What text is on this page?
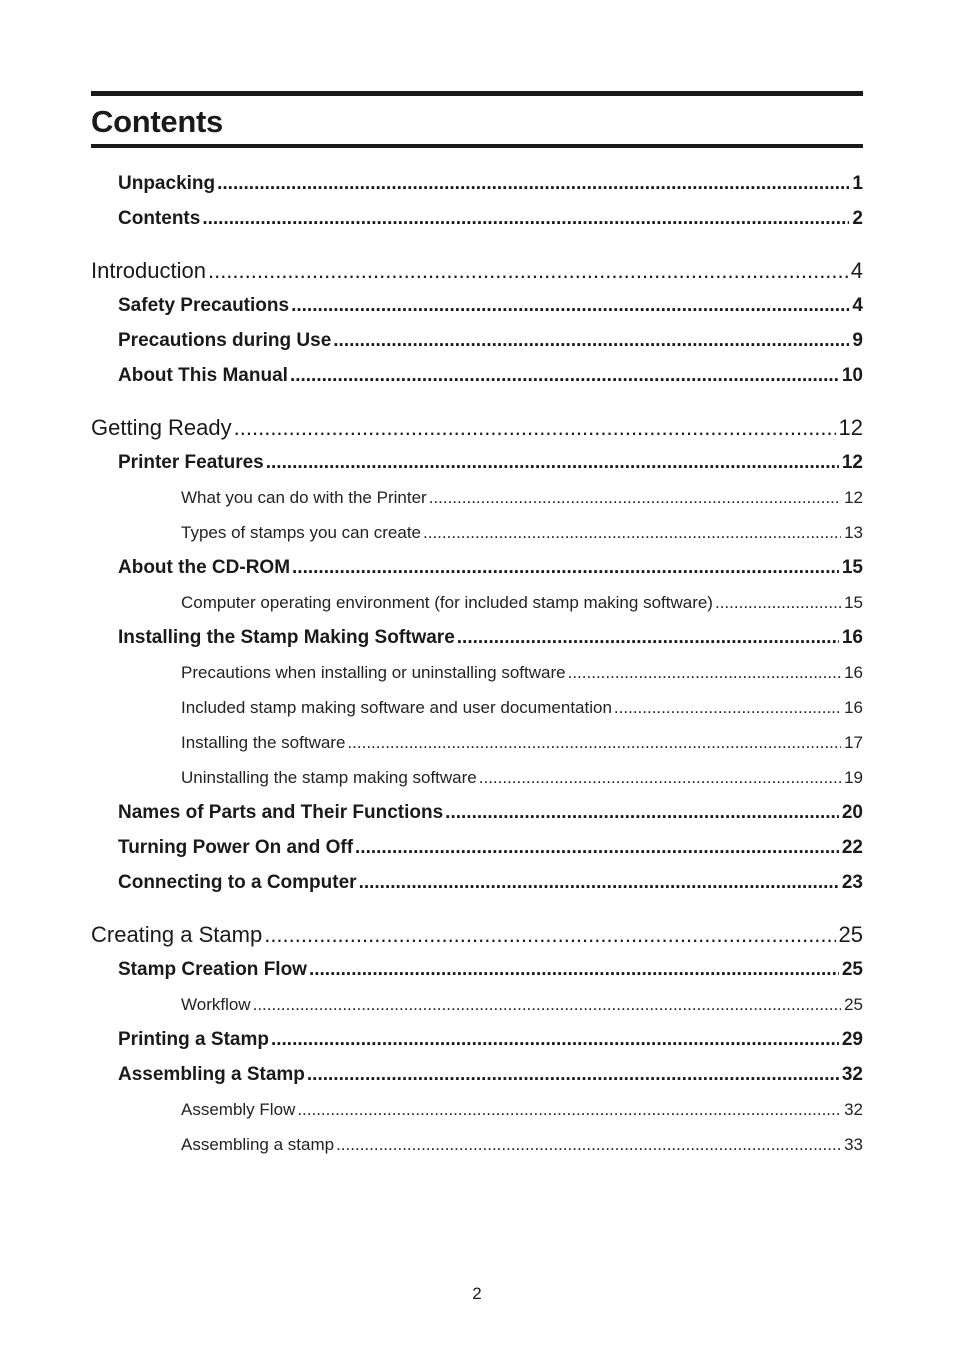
Contents
Unpacking .....	1
Contents .....	2
Introduction .....	4
Safety Precautions .....	4
Precautions during Use .....	9
About This Manual .....	10
Getting Ready .....	12
Printer Features .....	12
What you can do with the Printer .....	12
Types of stamps you can create .....	13
About the CD-ROM .....	15
Computer operating environment (for included stamp making software) .....	15
Installing the Stamp Making Software .....	16
Precautions when installing or uninstalling software .....	16
Included stamp making software and user documentation .....	16
Installing the software .....	17
Uninstalling the stamp making software .....	19
Names of Parts and Their Functions .....	20
Turning Power On and Off .....	22
Connecting to a Computer .....	23
Creating a Stamp .....	25
Stamp Creation Flow .....	25
Workflow .....	25
Printing a Stamp .....	29
Assembling a Stamp .....	32
Assembly Flow .....	32
Assembling a stamp .....	33
2
